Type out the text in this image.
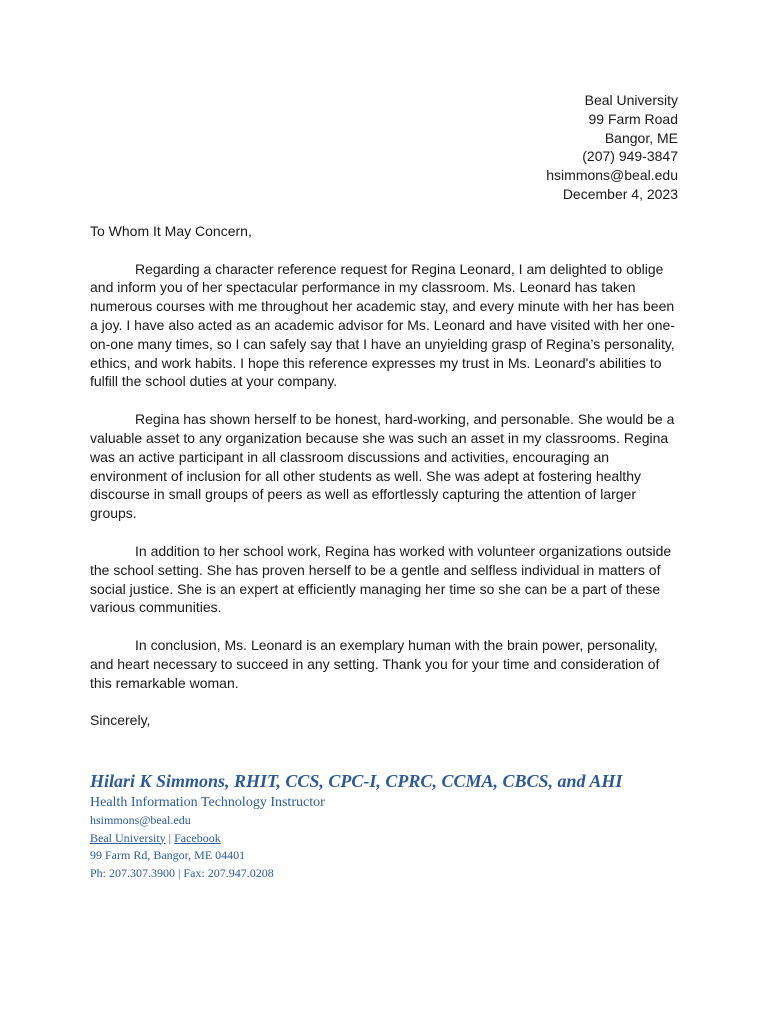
Beal University
99 Farm Road
Bangor, ME
(207) 949-3847
hsimmons@beal.edu
December 4, 2023
To Whom It May Concern,

Regarding a character reference request for Regina Leonard, I am delighted to oblige and inform you of her spectacular performance in my classroom. Ms. Leonard has taken numerous courses with me throughout her academic stay, and every minute with her has been a joy. I have also acted as an academic advisor for Ms. Leonard and have visited with her one-on-one many times, so I can safely say that I have an unyielding grasp of Regina’s personality, ethics, and work habits. I hope this reference expresses my trust in Ms. Leonard's abilities to fulfill the school duties at your company.

Regina has shown herself to be honest, hard-working, and personable. She would be a valuable asset to any organization because she was such an asset in my classrooms. Regina was an active participant in all classroom discussions and activities, encouraging an environment of inclusion for all other students as well. She was adept at fostering healthy discourse in small groups of peers as well as effortlessly capturing the attention of larger groups.

In addition to her school work, Regina has worked with volunteer organizations outside the school setting. She has proven herself to be a gentle and selfless individual in matters of social justice. She is an expert at efficiently managing her time so she can be a part of these various communities.

In conclusion, Ms. Leonard is an exemplary human with the brain power, personality, and heart necessary to succeed in any setting. Thank you for your time and consideration of this remarkable woman.

Sincerely,
Hilari K Simmons, RHIT, CCS, CPC-I, CPRC, CCMA, CBCS, and AHI
Health Information Technology Instructor
hsimmons@beal.edu
Beal University | Facebook
99 Farm Rd, Bangor, ME 04401
Ph: 207.307.3900 | Fax: 207.947.0208
